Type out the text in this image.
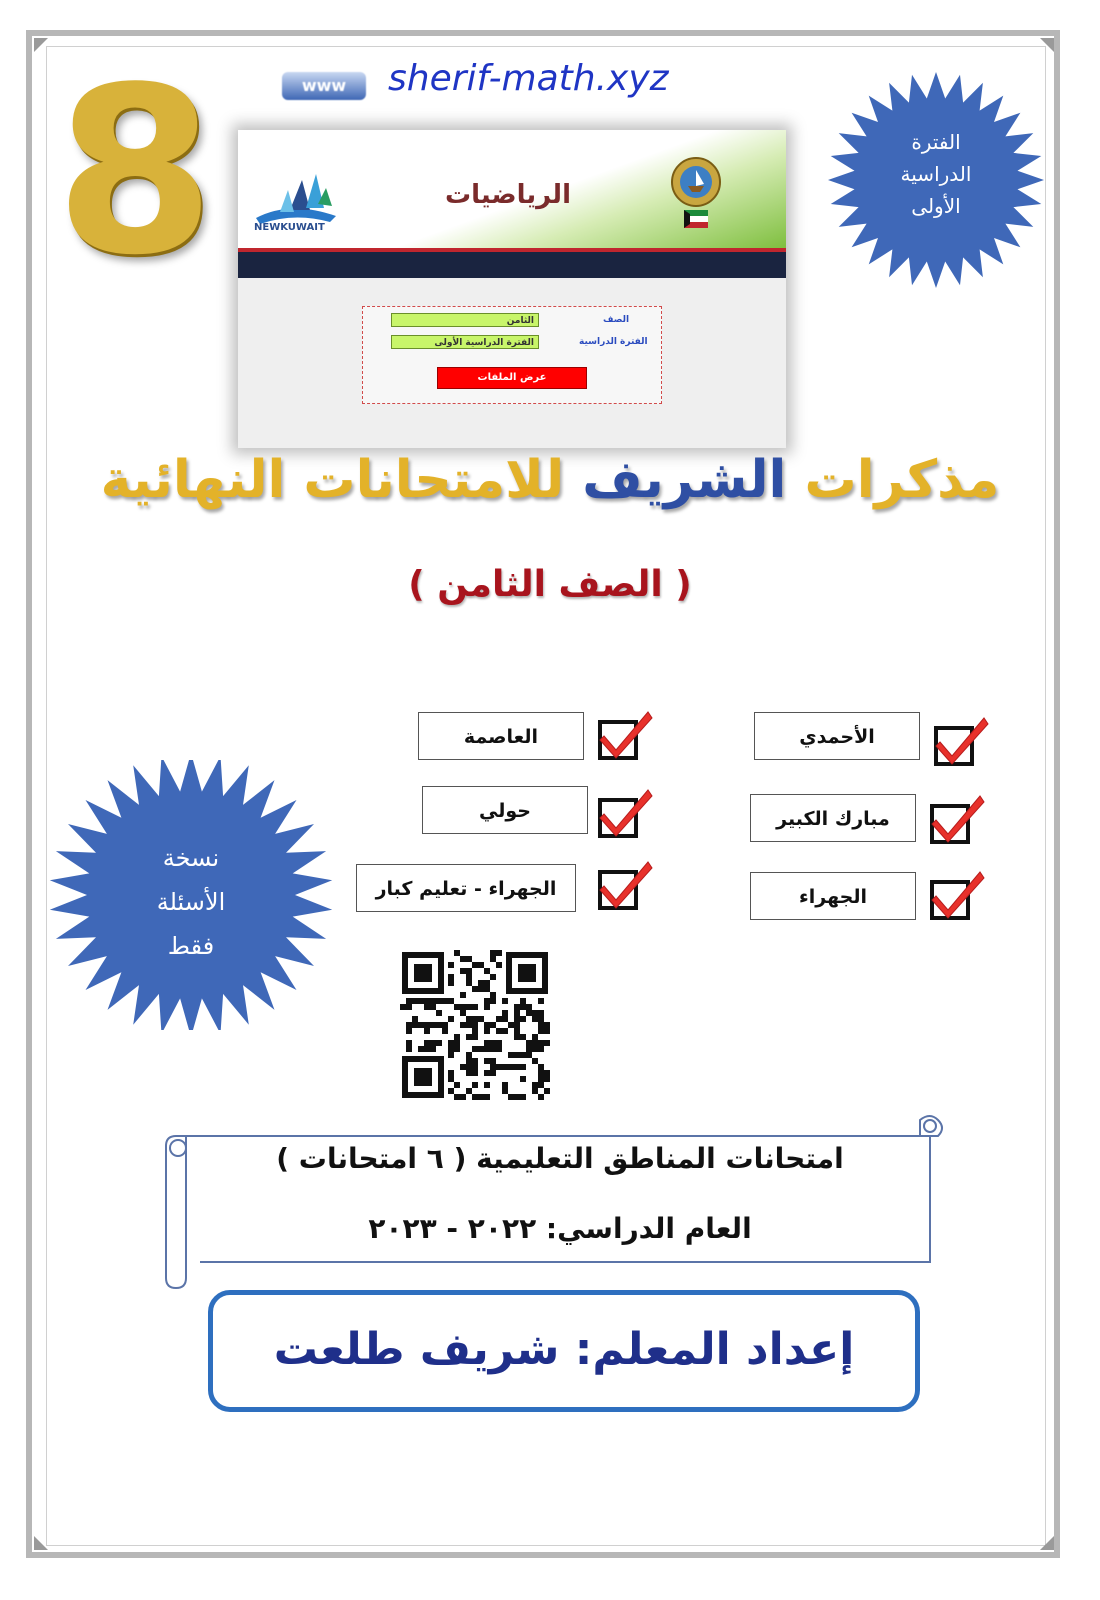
8	www	sherif-math.xyz
NEWKUWAIT
الرياضيات
الصف
الثامن
الفترة الدراسية
الفترة الدراسية الأولى
عرض الملفات
الفترة
الدراسية
الأولى
مذكرات الشريف للامتحانات النهائية
( الصف الثامن )
نسخة
الأسئلة
فقط
الأحمدي
مبارك الكبير
الجهراء
العاصمة
حولي
الجهراء - تعليم كبار
امتحانات المناطق التعليمية ( ٦ امتحانات )
العام الدراسي: ٢٠٢٢ - ٢٠٢٣
إعداد المعلم: شريف طلعت
